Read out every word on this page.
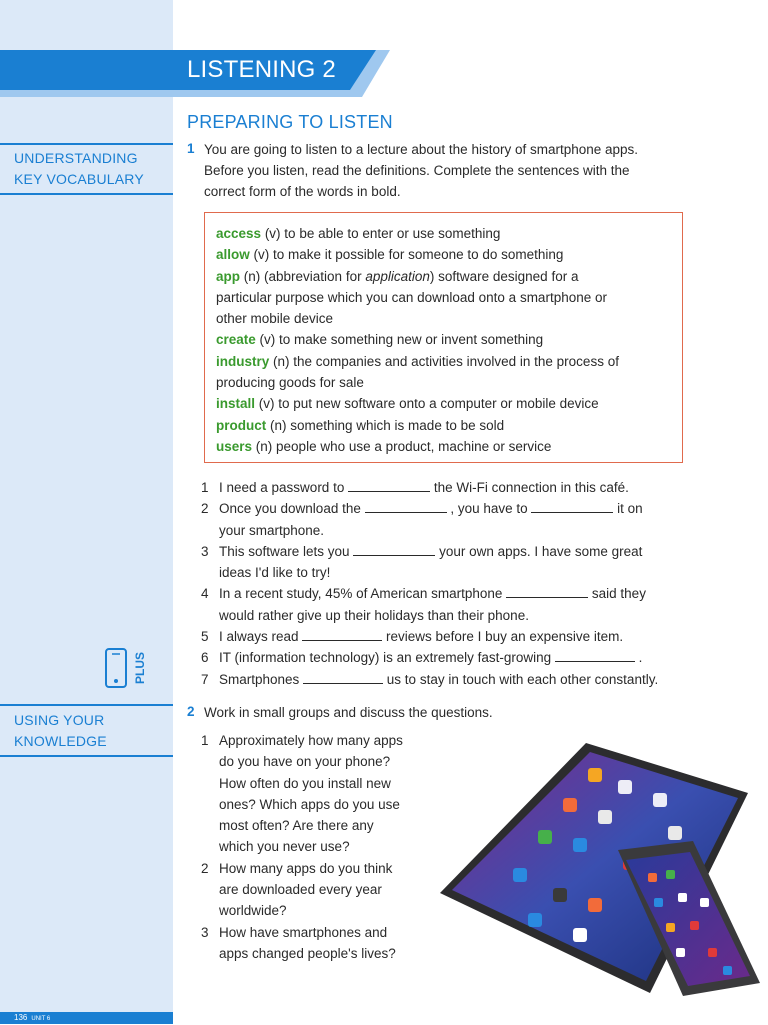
LISTENING 2
UNDERSTANDING
KEY VOCABULARY
USING YOUR
KNOWLEDGE
PLUS
PREPARING TO LISTEN
1 You are going to listen to a lecture about the history of smartphone apps.
Before you listen, read the definitions. Complete the sentences with the
correct form of the words in bold.
access (v) to be able to enter or use something
allow (v) to make it possible for someone to do something
app (n) (abbreviation for application) software designed for a
particular purpose which you can download onto a smartphone or
other mobile device
create (v) to make something new or invent something
industry (n) the companies and activities involved in the process of
producing goods for sale
install (v) to put new software onto a computer or mobile device
product (n) something which is made to be sold
users (n) people who use a product, machine or service
1 I need a password to	the Wi-Fi connection in this café.
2 Once you download the	, you have to	it on
your smartphone.
3 This software lets you	your own apps. I have some great
ideas I'd like to try!
4 In a recent study, 45% of American smartphone	said they
would rather give up their holidays than their phone.
5 I always read	reviews before I buy an expensive item.
6 IT (information technology) is an extremely fast-growing	.
7 Smartphones	us to stay in touch with each other constantly.
2 Work in small groups and discuss the questions.
1 Approximately how many apps
do you have on your phone?
How often do you install new
ones? Which apps do you use
most often? Are there any
which you never use?
2 How many apps do you think
are downloaded every year
worldwide?
3 How have smartphones and
apps changed people's lives?
136 UNIT 6
